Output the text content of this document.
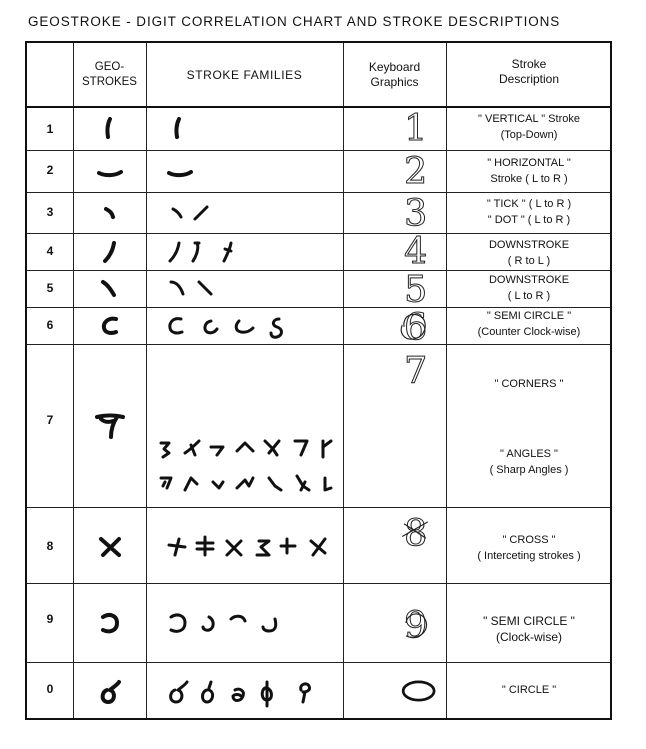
GEOSTROKE - DIGIT CORRELATION CHART AND STROKE DESCRIPTIONS
GEO-
STROKES	STROKE FAMILIES
Keyboard
Graphics
Stroke
Description
1
2
3
4
5
6
7
8
9
0
" VERTICAL " Stroke
(Top-Down)
" HORIZONTAL "
Stroke ( L to R )
" TICK " ( L to R )
" DOT " ( L to R )
DOWNSTROKE
( R to L )
DOWNSTROKE
( L to R )
" SEMI CIRCLE "
(Counter Clock-wise)
" CORNERS "
" ANGLES "
( Sharp Angles )
" CROSS "
( Interceting strokes )
" SEMI CIRCLE "
(Clock-wise)
" CIRCLE "
1
2
3
4
5
6
7
8
9
